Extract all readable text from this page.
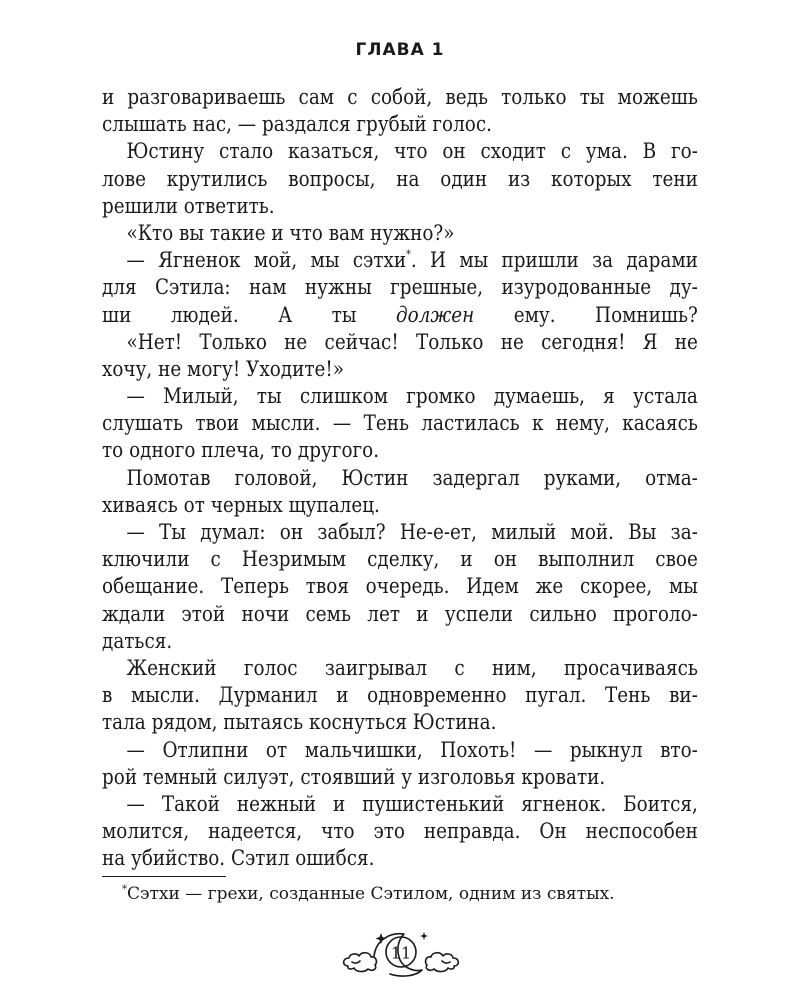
ГЛАВА 1
и разговариваешь сам с собой, ведь только ты можешь
слышать нас, — раздался грубый голос.
Юстину стало казаться, что он сходит с ума. В го-
лове крутились вопросы, на один из которых тени
решили ответить.
«Кто вы такие и что вам нужно?»
— Ягненок мой, мы сэтхи*. И мы пришли за дарами
для Сэтила: нам нужны грешные, изуродованные ду-
ши людей. А ты должен ему. Помнишь?
«Нет! Только не сейчас! Только не сегодня! Я не
хочу, не могу! Уходите!»
— Милый, ты слишком громко думаешь, я устала
слушать твои мысли. — Тень ластилась к нему, касаясь
то одного плеча, то другого.
Помотав головой, Юстин задергал руками, отма-
хиваясь от черных щупалец.
— Ты думал: он забыл? Не-е-ет, милый мой. Вы за-
ключили с Незримым сделку, и он выполнил свое
обещание. Теперь твоя очередь. Идем же скорее, мы
ждали этой ночи семь лет и успели сильно прогoло-
даться.
Женский голос заигрывал с ним, просачиваясь
в мысли. Дурманил и одновременно пугал. Тень ви-
тала рядом, пытаясь коснуться Юстина.
— Отлипни от мальчишки, Похоть! — рыкнул вто-
рой темный силуэт, стоявший у изголовья кровати.
— Такой нежный и пушистенький ягненок. Боится,
молится, надеется, что это неправда. Он неспособен
на убийство. Сэтил ошибся.
*Сэтхи — грехи, созданные Сэтилом, одним из святых.
11
